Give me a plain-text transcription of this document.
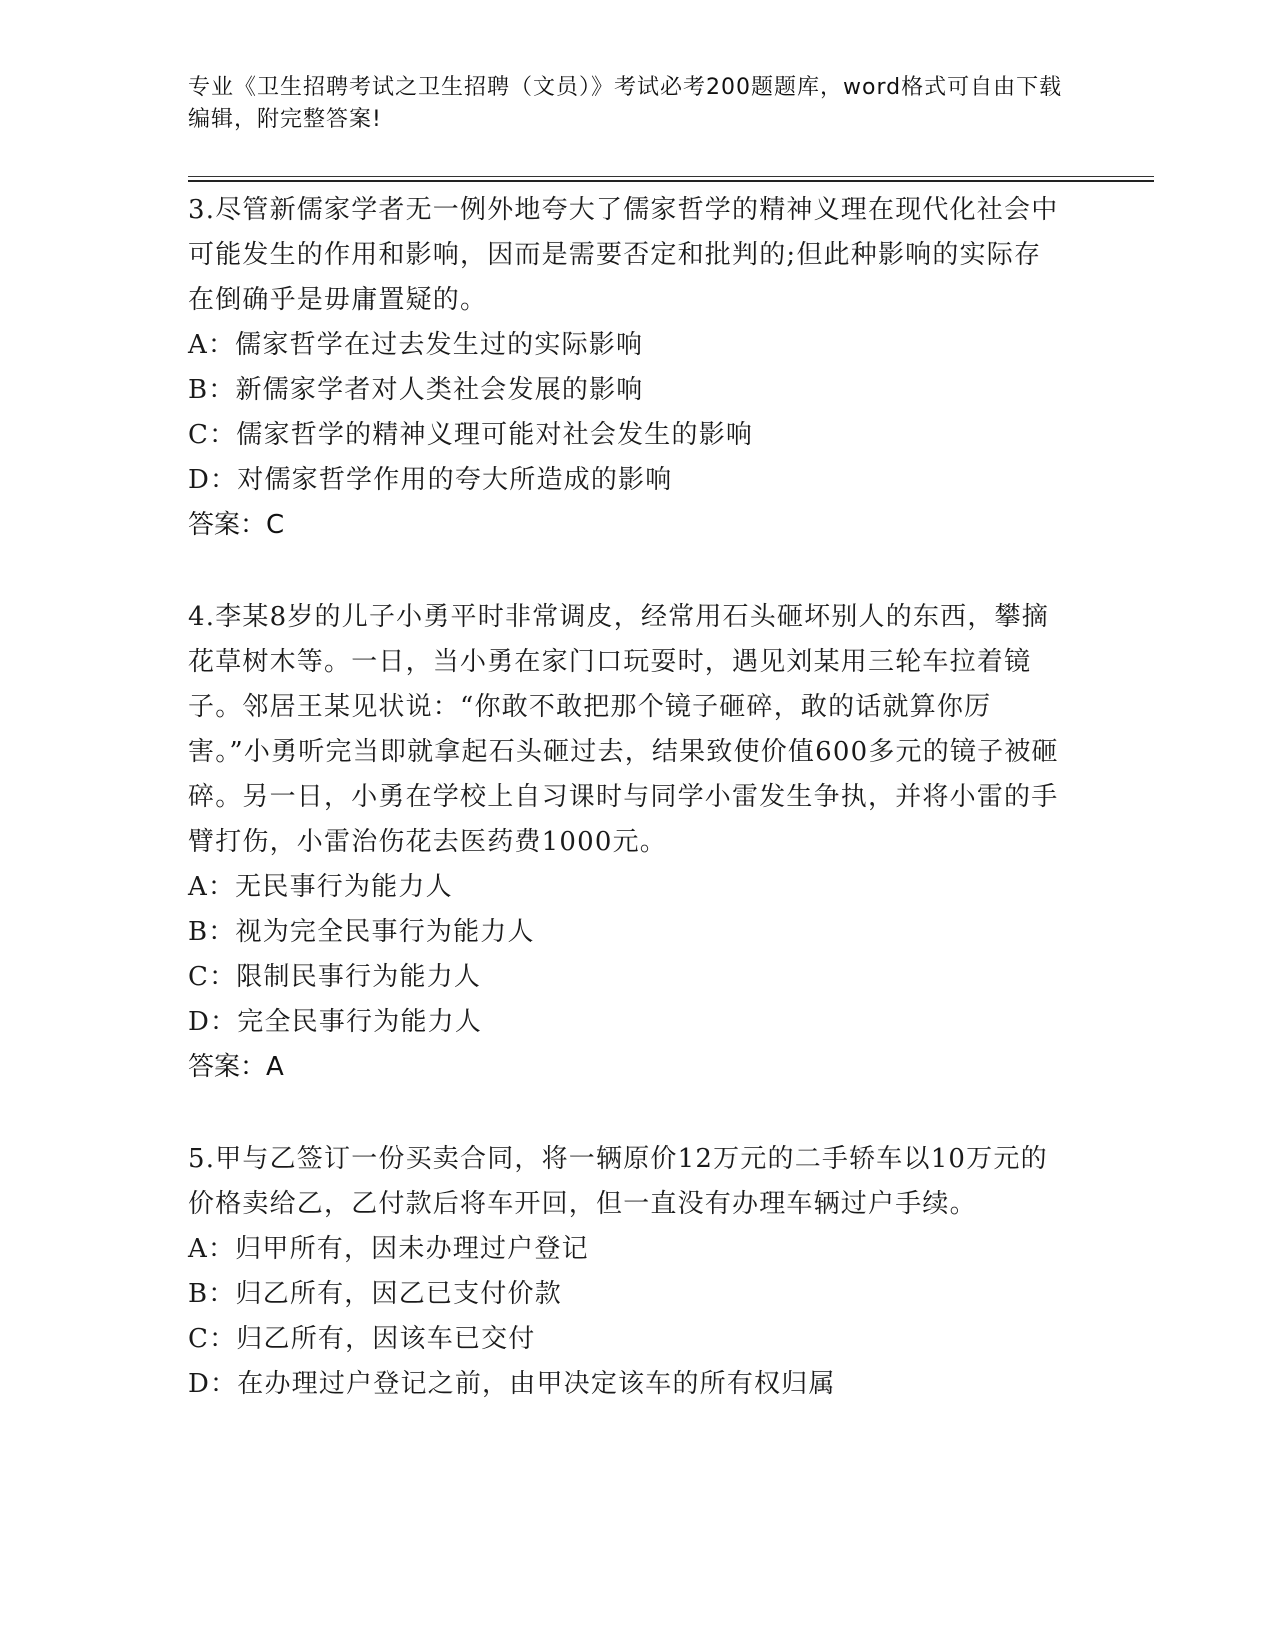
专业《卫生招聘考试之卫生招聘（文员）》考试必考200题题库，word格式可自由下载编辑，附完整答案!

3.尽管新儒家学者无一例外地夸大了儒家哲学的精神义理在现代化社会中可能发生的作用和影响，因而是需要否定和批判的;但此种影响的实际存在倒确乎是毋庸置疑的。

A：儒家哲学在过去发生过的实际影响

B：新儒家学者对人类社会发展的影响

C：儒家哲学的精神义理可能对社会发生的影响

D：对儒家哲学作用的夸大所造成的影响

答案：C

4.李某8岁的儿子小勇平时非常调皮，经常用石头砸坏别人的东西，攀摘花草树木等。一日，当小勇在家门口玩耍时，遇见刘某用三轮车拉着镜子。邻居王某见状说：“你敢不敢把那个镜子砸碎，敢的话就算你厉害。”小勇听完当即就拿起石头砸过去，结果致使价值600多元的镜子被砸碎。另一日，小勇在学校上自习课时与同学小雷发生争执，并将小雷的手臂打伤，小雷治伤花去医药费1000元。

A：无民事行为能力人

B：视为完全民事行为能力人

C：限制民事行为能力人

D：完全民事行为能力人

答案：A

5.甲与乙签订一份买卖合同，将一辆原价12万元的二手轿车以10万元的价格卖给乙，乙付款后将车开回，但一直没有办理车辆过户手续。

A：归甲所有，因未办理过户登记

B：归乙所有，因乙已支付价款

C：归乙所有，因该车已交付

D：在办理过户登记之前，由甲决定该车的所有权归属
